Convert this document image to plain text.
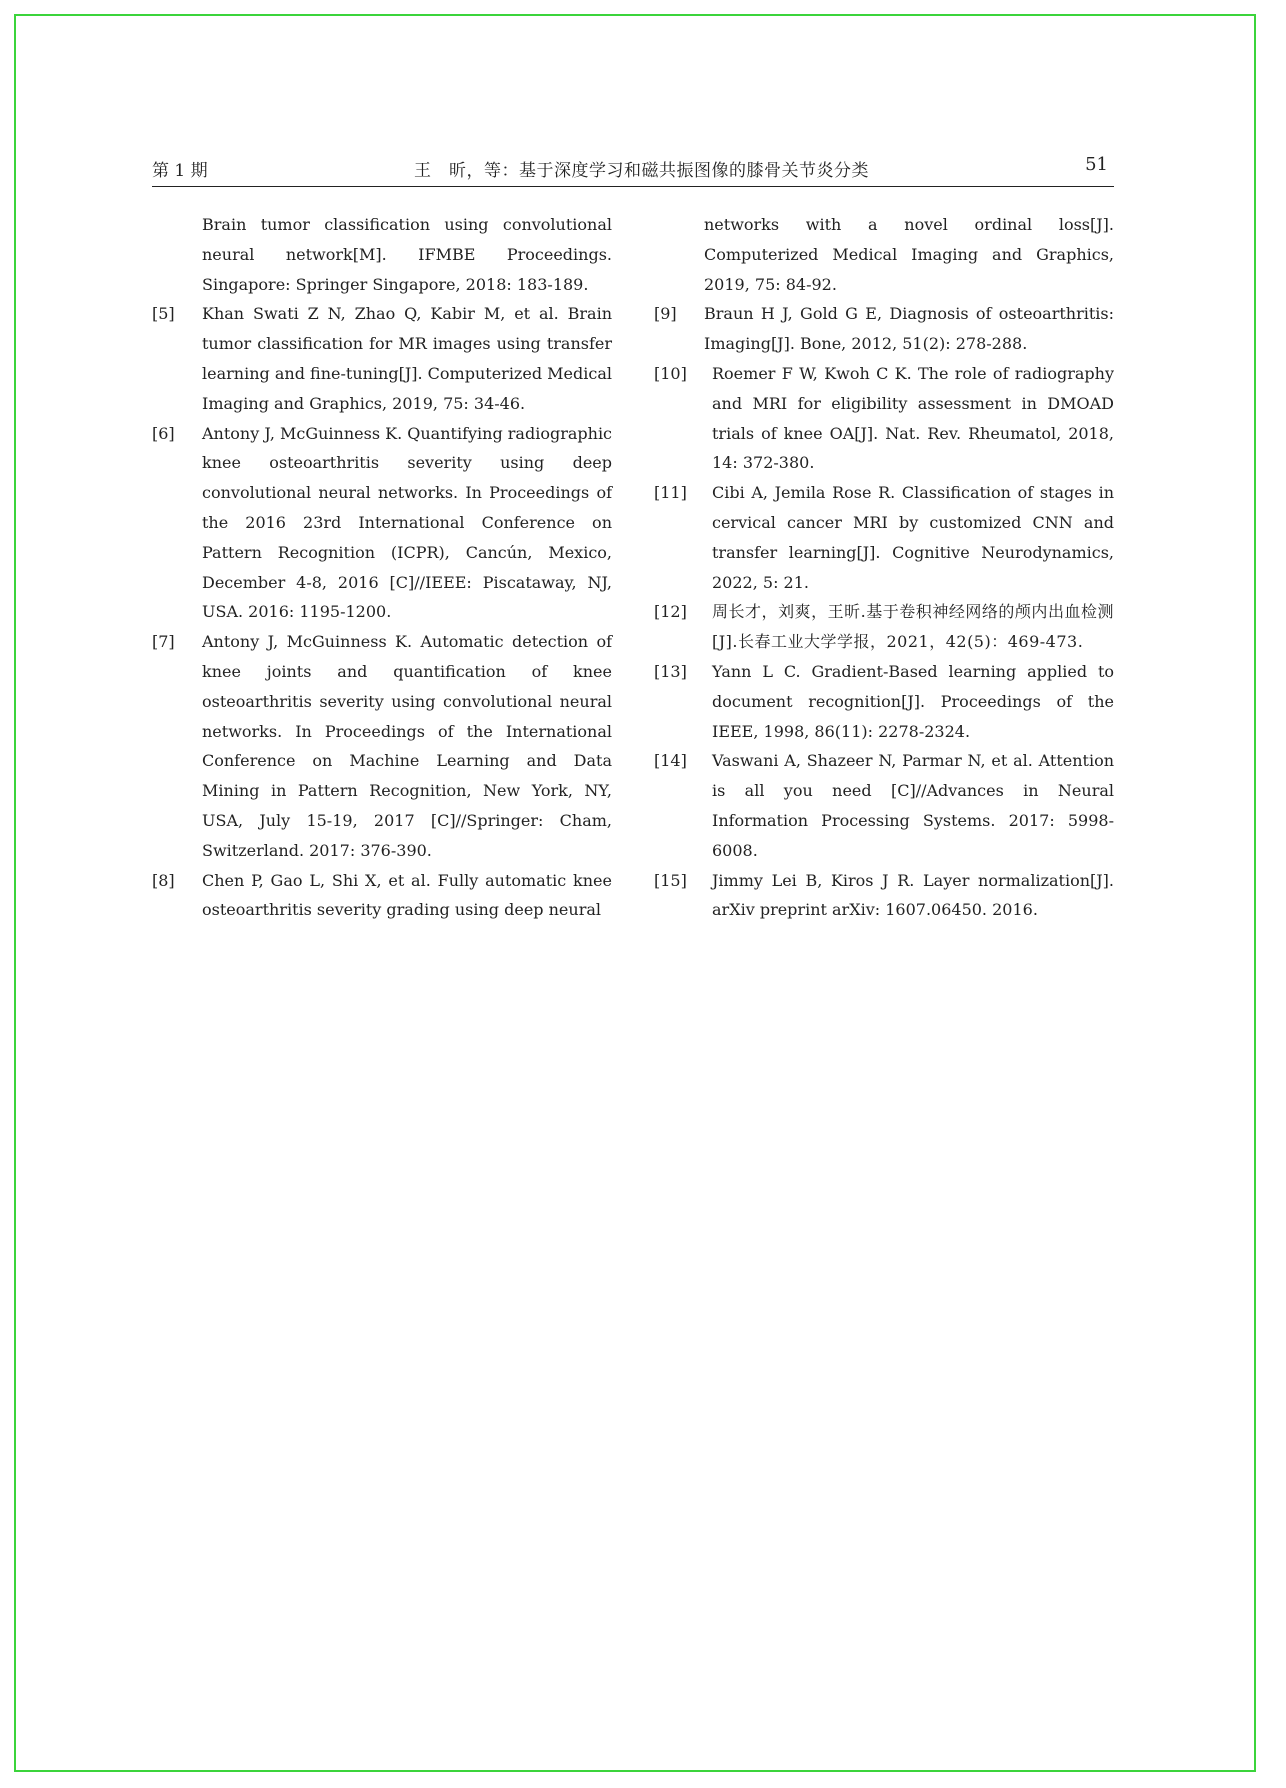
第 1 期	王　昕，等：基于深度学习和磁共振图像的膝骨关节炎分类	51
Brain tumor classification using convolutional neural network[M]. IFMBE Proceedings. Singapore: Springer Singapore, 2018: 183-189.
[5]	Khan Swati Z N, Zhao Q, Kabir M, et al. Brain tumor classification for MR images using transfer learning and fine-tuning[J]. Computerized Medical Imaging and Graphics, 2019, 75: 34-46.
[6]	Antony J, McGuinness K. Quantifying radiographic knee osteoarthritis severity using deep convolutional neural networks. In Proceedings of the 2016 23rd International Conference on Pattern Recognition (ICPR), Cancún, Mexico, December 4-8, 2016 [C]//IEEE: Piscataway, NJ, USA. 2016: 1195-1200.
[7]	Antony J, McGuinness K. Automatic detection of knee joints and quantification of knee osteoarthritis severity using convolutional neural networks. In Proceedings of the International Conference on Machine Learning and Data Mining in Pattern Recognition, New York, NY, USA, July 15-19, 2017 [C]//Springer: Cham, Switzerland. 2017: 376-390.
[8]	Chen P, Gao L, Shi X, et al. Fully automatic knee osteoarthritis severity grading using deep neural
networks with a novel ordinal loss[J]. Computerized Medical Imaging and Graphics, 2019, 75: 84-92.
[9]	Braun H J, Gold G E, Diagnosis of osteoarthritis: Imaging[J]. Bone, 2012, 51(2): 278-288.
[10]	Roemer F W, Kwoh C K. The role of radiography and MRI for eligibility assessment in DMOAD trials of knee OA[J]. Nat. Rev. Rheumatol, 2018, 14: 372-380.
[11]	Cibi A, Jemila Rose R. Classification of stages in cervical cancer MRI by customized CNN and transfer learning[J]. Cognitive Neurodynamics, 2022, 5: 21.
[12]	周长才，刘爽，王昕.基于卷积神经网络的颅内出血检测[J].长春工业大学学报，2021，42(5)：469-473.
[13]	Yann L C. Gradient-Based learning applied to document recognition[J]. Proceedings of the IEEE, 1998, 86(11): 2278-2324.
[14]	Vaswani A, Shazeer N, Parmar N, et al. Attention is all you need [C]//Advances in Neural Information Processing Systems. 2017: 5998-6008.
[15]	Jimmy Lei B, Kiros J R. Layer normalization[J]. arXiv preprint arXiv: 1607.06450. 2016.
